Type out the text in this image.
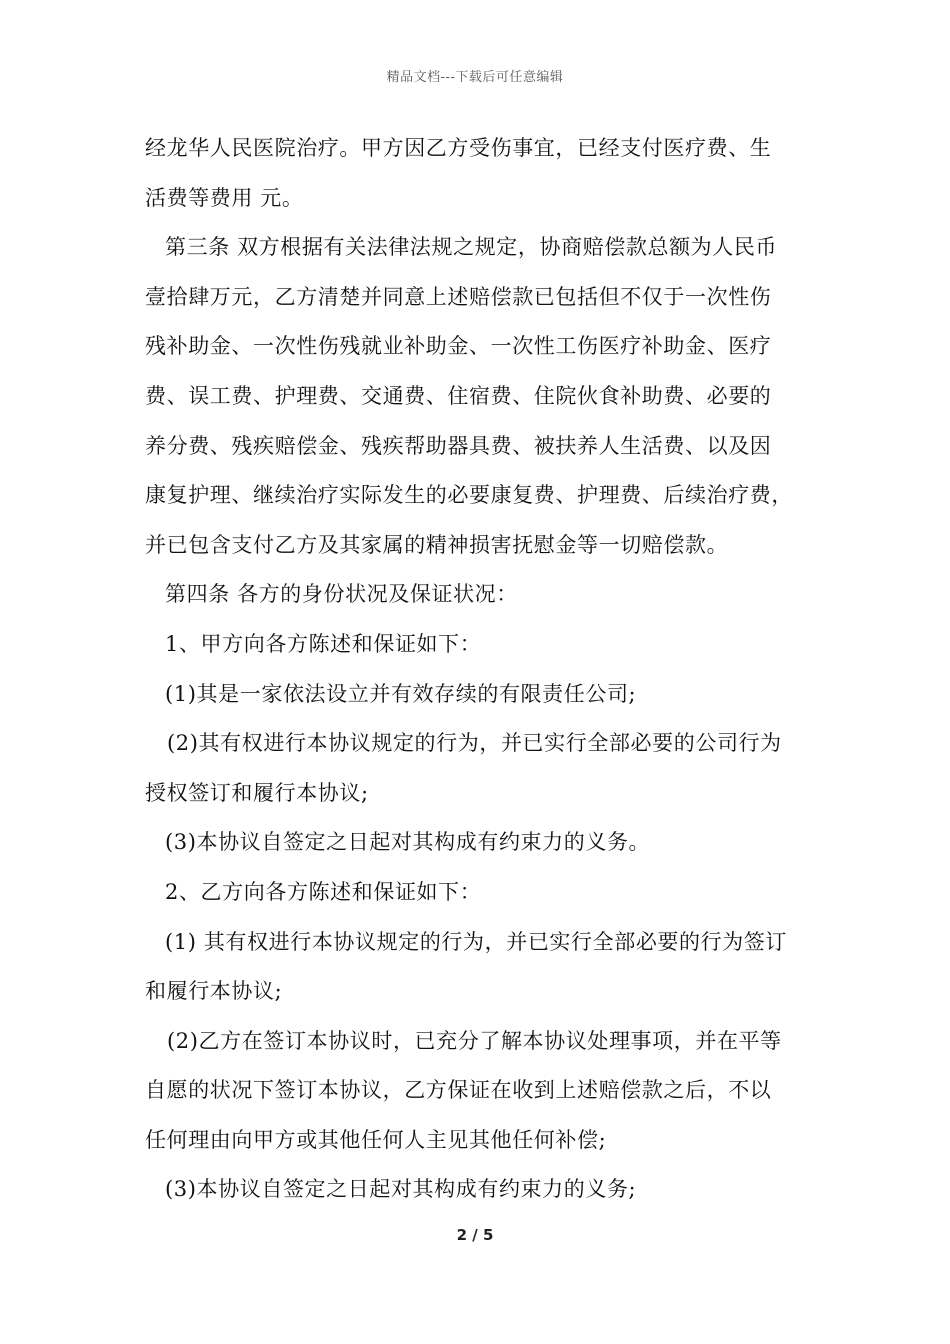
精品文档---下载后可任意编辑
经龙华人民医院治疗。甲方因乙方受伤事宜，已经支付医疗费、生
活费等费用 元。
第三条 双方根据有关法律法规之规定，协商赔偿款总额为人民币
壹拾肆万元，乙方清楚并同意上述赔偿款已包括但不仅于一次性伤
残补助金、一次性伤残就业补助金、一次性工伤医疗补助金、医疗
费、误工费、护理费、交通费、住宿费、住院伙食补助费、必要的
养分费、残疾赔偿金、残疾帮助器具费、被扶养人生活费、以及因
康复护理、继续治疗实际发生的必要康复费、护理费、后续治疗费，
并已包含支付乙方及其家属的精神损害抚慰金等一切赔偿款。
第四条 各方的身份状况及保证状况：
1、甲方向各方陈述和保证如下：
(1)其是一家依法设立并有效存续的有限责任公司;
(2)其有权进行本协议规定的行为，并已实行全部必要的公司行为
授权签订和履行本协议;
(3)本协议自签定之日起对其构成有约束力的义务。
2、乙方向各方陈述和保证如下：
(1) 其有权进行本协议规定的行为，并已实行全部必要的行为签订
和履行本协议;
(2)乙方在签订本协议时，已充分了解本协议处理事项，并在平等
自愿的状况下签订本协议，乙方保证在收到上述赔偿款之后，不以
任何理由向甲方或其他任何人主见其他任何补偿;
(3)本协议自签定之日起对其构成有约束力的义务;
2 / 5
